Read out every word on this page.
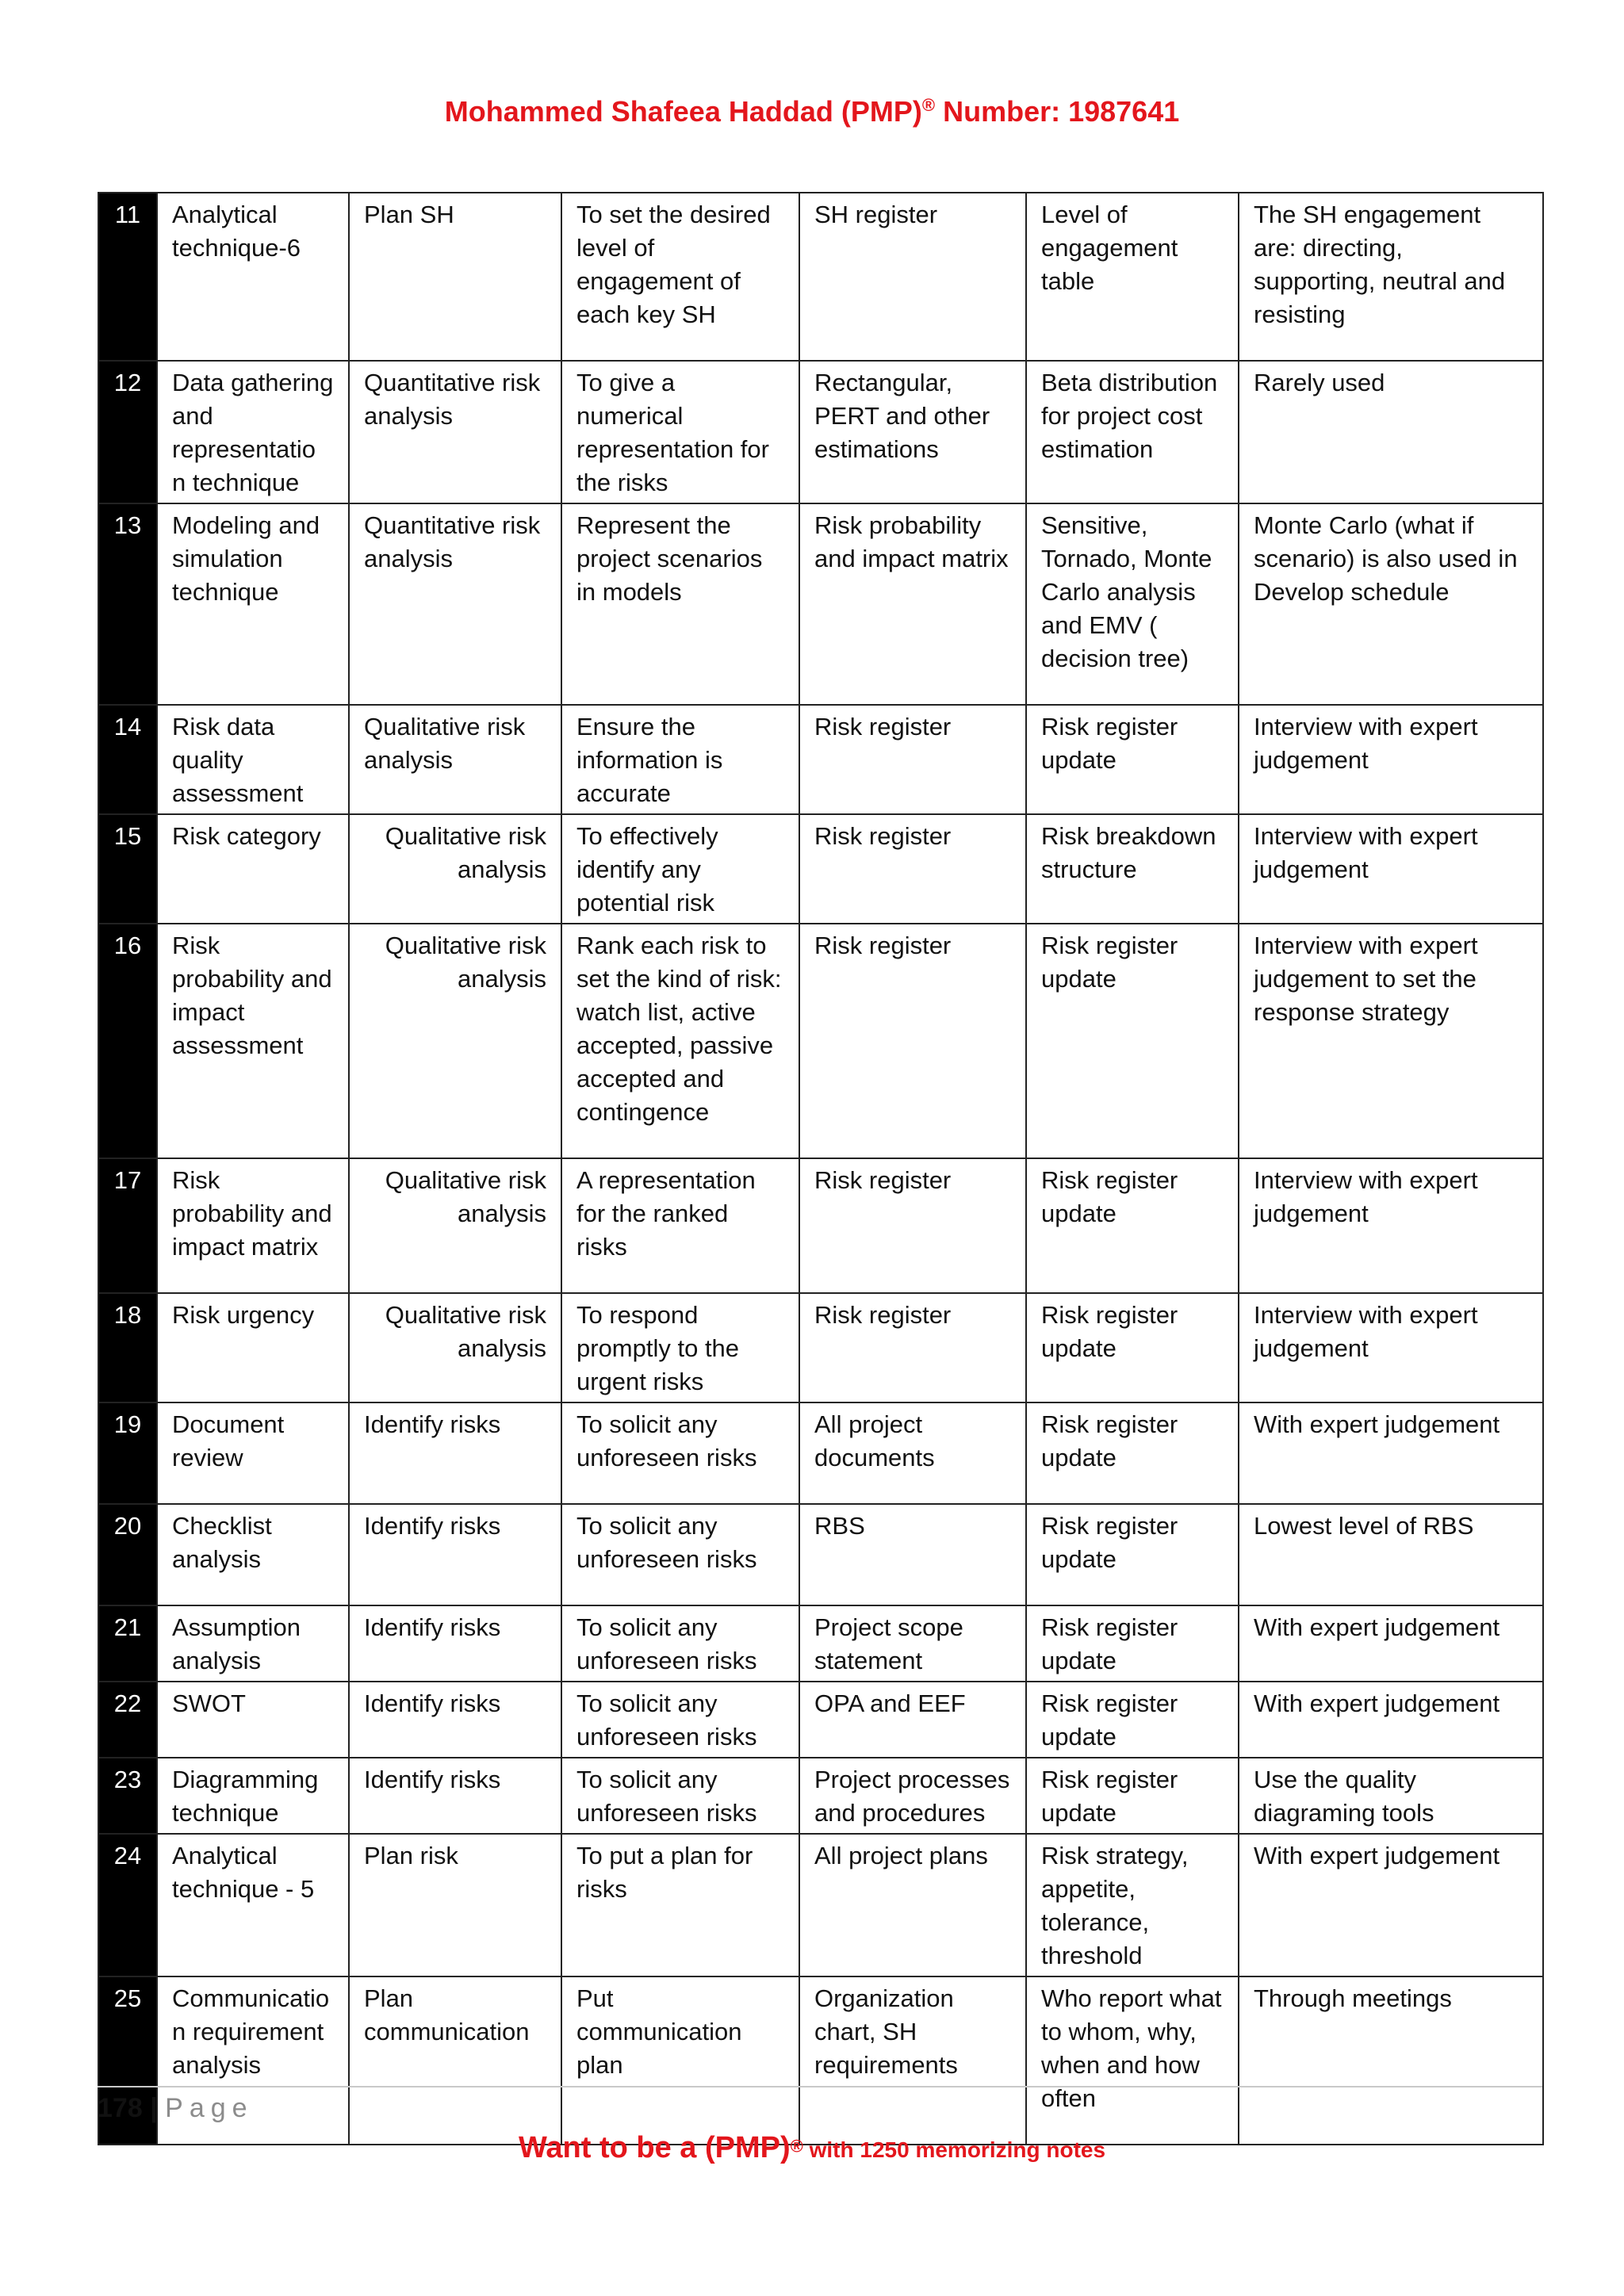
Mohammed Shafeea Haddad (PMP)® Number: 1987641
11	Analytical technique-6	Plan SH	To set the desired level of engagement of each key SH	SH register	Level of engagement table	The SH engagement are: directing, supporting, neutral and resisting
12	Data gathering and representatio n technique	Quantitative risk analysis	To give a numerical representation for the risks	Rectangular, PERT and other estimations	Beta distribution for project cost estimation	Rarely used
13	Modeling and simulation technique	Quantitative risk analysis	Represent the project scenarios in models	Risk probability and impact matrix	Sensitive, Tornado, Monte Carlo analysis and EMV ( decision tree)	Monte Carlo (what if scenario) is also used in Develop schedule
14	Risk data quality assessment	Qualitative risk analysis	Ensure the information is accurate	Risk register	Risk register update	Interview with expert judgement
15	Risk category	Qualitative risk analysis	To effectively identify any potential risk	Risk register	Risk breakdown structure	Interview with expert judgement
16	Risk probability and impact assessment	Qualitative risk analysis	Rank each risk to set the kind of risk: watch list, active accepted, passive accepted and contingence	Risk register	Risk register update	Interview with expert judgement to set the response strategy
17	Risk probability and impact matrix	Qualitative risk analysis	A representation for the ranked risks	Risk register	Risk register update	Interview with expert judgement
18	Risk urgency	Qualitative risk analysis	To respond promptly to the urgent risks	Risk register	Risk register update	Interview with expert judgement
19	Document review	Identify risks	To solicit any unforeseen risks	All project documents	Risk register update	With expert judgement
20	Checklist analysis	Identify risks	To solicit any unforeseen risks	RBS	Risk register update	Lowest level of RBS
21	Assumption analysis	Identify risks	To solicit any unforeseen risks	Project scope statement	Risk register update	With expert judgement
22	SWOT	Identify risks	To solicit any unforeseen risks	OPA and EEF	Risk register update	With expert judgement
23	Diagramming technique	Identify risks	To solicit any unforeseen risks	Project processes and procedures	Risk register update	Use the quality diagraming tools
24	Analytical technique - 5	Plan risk	To put a plan for risks	All project plans	Risk strategy, appetite, tolerance, threshold	With expert judgement
25	Communicatio n requirement analysis	Plan communication	Put communication plan	Organization chart, SH requirements	Who report what to whom, why, when and how often	Through meetings
178 | Page
Want to be a (PMP)® with 1250 memorizing notes
